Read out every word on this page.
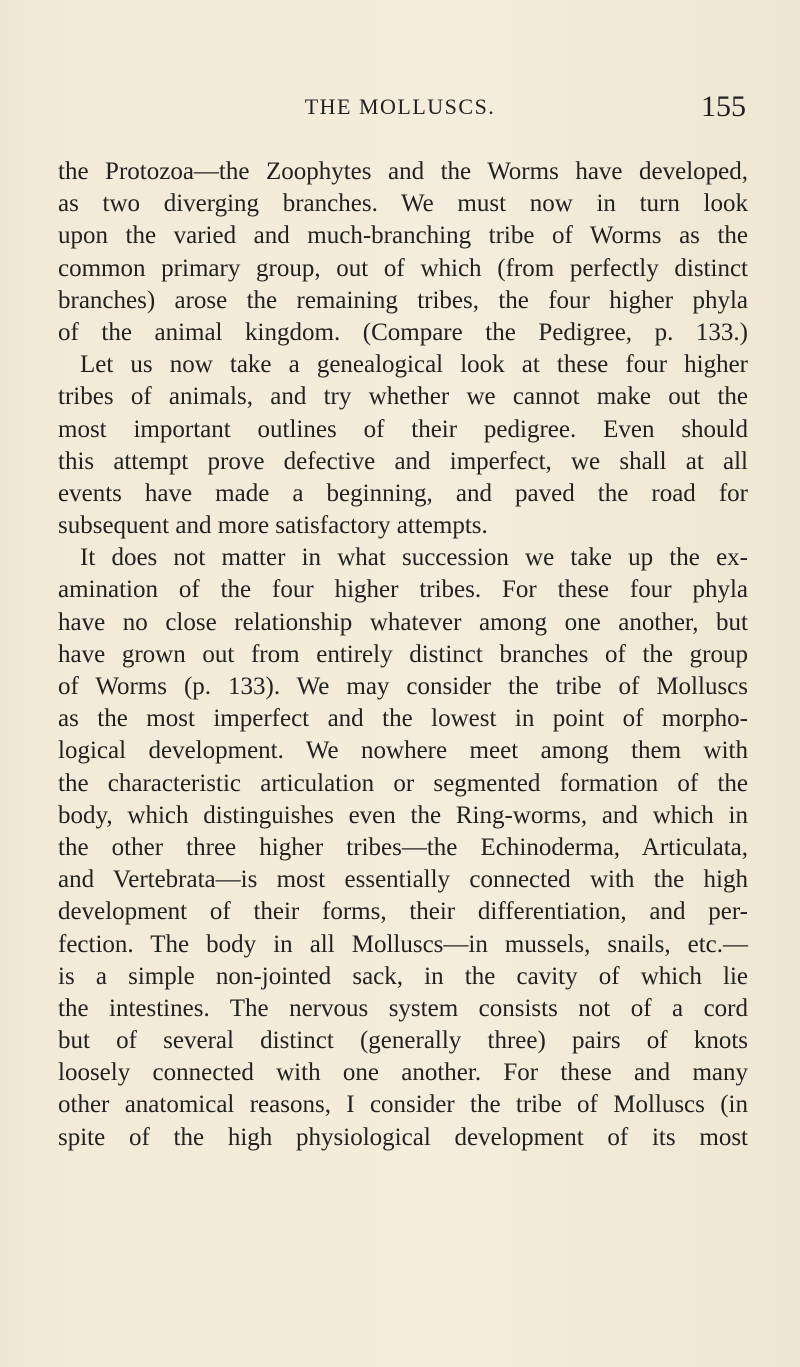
THE MOLLUSCS.	155
the Protozoa—the Zoophytes and the Worms have developed,
as two diverging branches. We must now in turn look
upon the varied and much-branching tribe of Worms as the
common primary group, out of which (from perfectly distinct
branches) arose the remaining tribes, the four higher phyla
of the animal kingdom. (Compare the Pedigree, p. 133.)
Let us now take a genealogical look at these four higher
tribes of animals, and try whether we cannot make out the
most important outlines of their pedigree. Even should
this attempt prove defective and imperfect, we shall at all
events have made a beginning, and paved the road for
subsequent and more satisfactory attempts.
It does not matter in what succession we take up the ex-
amination of the four higher tribes. For these four phyla
have no close relationship whatever among one another, but
have grown out from entirely distinct branches of the group
of Worms (p. 133). We may consider the tribe of Molluscs
as the most imperfect and the lowest in point of morpho-
logical development. We nowhere meet among them with
the characteristic articulation or segmented formation of the
body, which distinguishes even the Ring-worms, and which in
the other three higher tribes—the Echinoderma, Articulata,
and Vertebrata—is most essentially connected with the high
development of their forms, their differentiation, and per-
fection. The body in all Molluscs—in mussels, snails, etc.—
is a simple non-jointed sack, in the cavity of which lie
the intestines. The nervous system consists not of a cord
but of several distinct (generally three) pairs of knots
loosely connected with one another. For these and many
other anatomical reasons, I consider the tribe of Molluscs (in
spite of the high physiological development of its most
